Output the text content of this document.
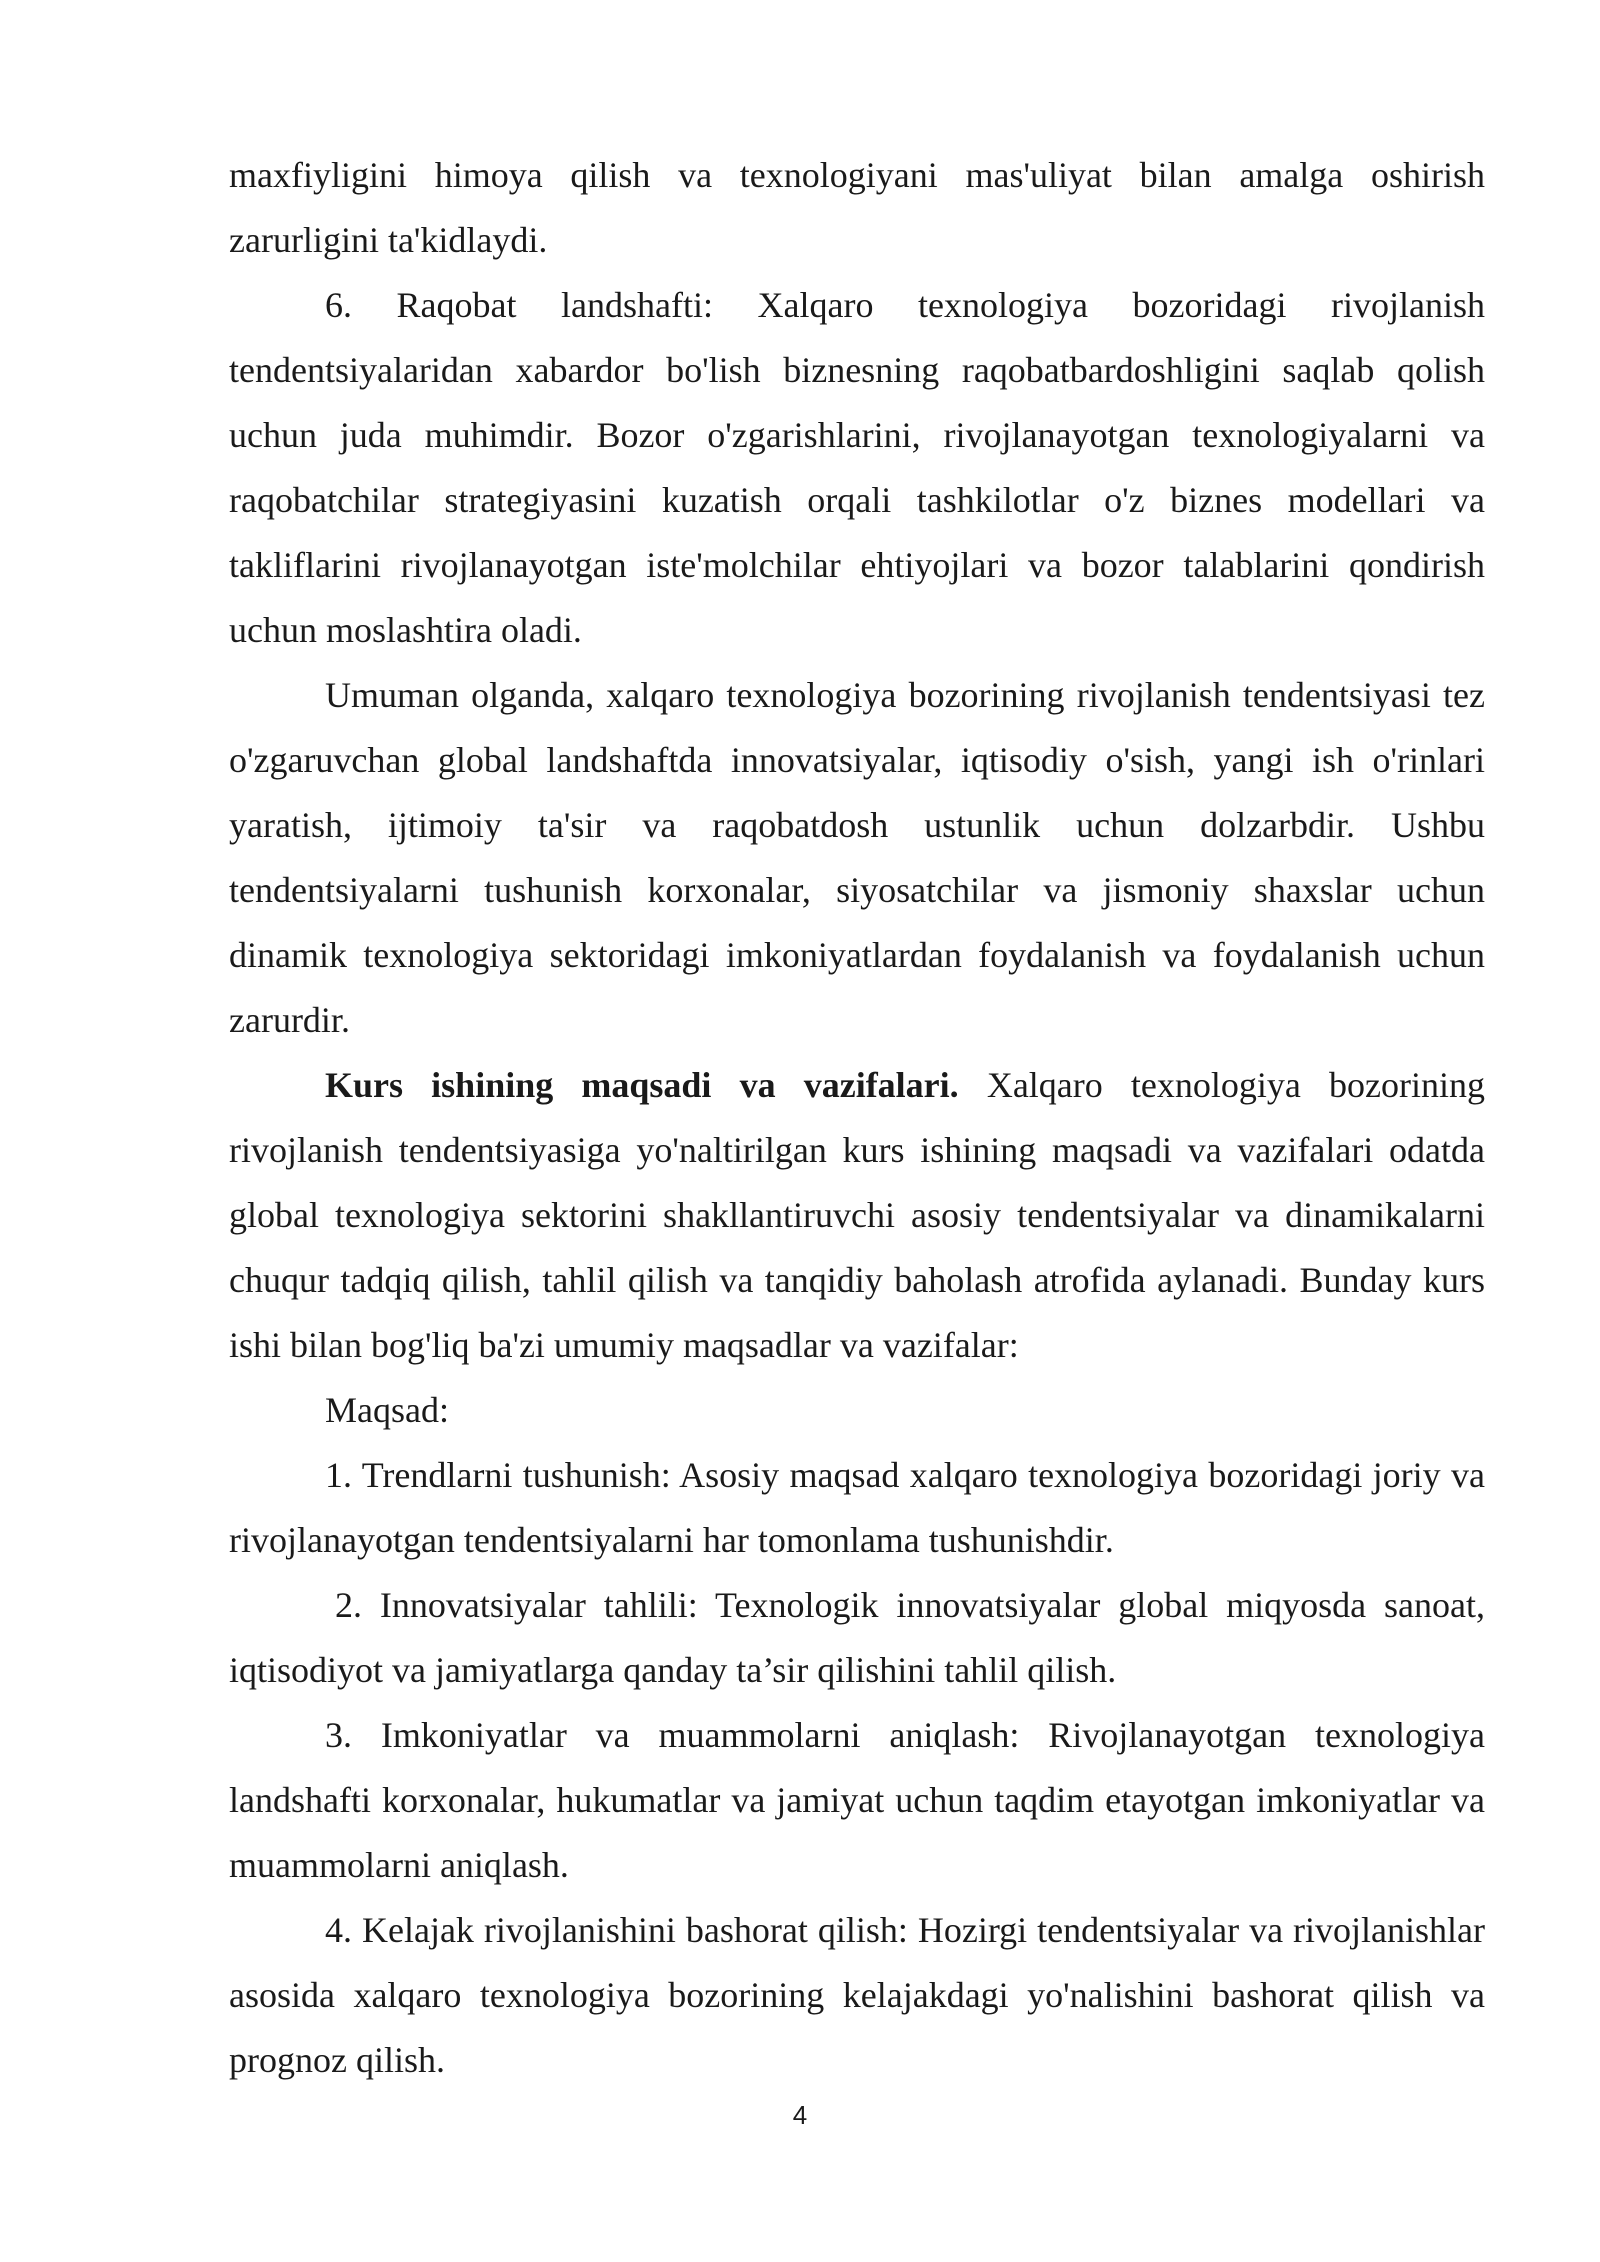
maxfiyligini himoya qilish va texnologiyani mas'uliyat bilan amalga oshirish zarurligini ta'kidlaydi.

6. Raqobat landshafti: Xalqaro texnologiya bozoridagi rivojlanish tendentsiyalaridan xabardor bo'lish biznesning raqobatbardoshligini saqlab qolish uchun juda muhimdir. Bozor o'zgarishlarini, rivojlanayotgan texnologiyalarni va raqobatchilar strategiyasini kuzatish orqali tashkilotlar o'z biznes modellari va takliflarini rivojlanayotgan iste'molchilar ehtiyojlari va bozor talablarini qondirish uchun moslashtira oladi.

Umuman olganda, xalqaro texnologiya bozorining rivojlanish tendentsiyasi tez o'zgaruvchan global landshaftda innovatsiyalar, iqtisodiy o'sish, yangi ish o'rinlari yaratish, ijtimoiy ta'sir va raqobatdosh ustunlik uchun dolzarbdir. Ushbu tendentsiyalarni tushunish korxonalar, siyosatchilar va jismoniy shaxslar uchun dinamik texnologiya sektoridagi imkoniyatlardan foydalanish va foydalanish uchun zarurdir.

Kurs ishining maqsadi va vazifalari. Xalqaro texnologiya bozorining rivojlanish tendentsiyasiga yo'naltirilgan kurs ishining maqsadi va vazifalari odatda global texnologiya sektorini shakllantiruvchi asosiy tendentsiyalar va dinamikalarni chuqur tadqiq qilish, tahlil qilish va tanqidiy baholash atrofida aylanadi. Bunday kurs ishi bilan bog'liq ba'zi umumiy maqsadlar va vazifalar:

Maqsad:

1. Trendlarni tushunish: Asosiy maqsad xalqaro texnologiya bozoridagi joriy va rivojlanayotgan tendentsiyalarni har tomonlama tushunishdir.

2. Innovatsiyalar tahlili: Texnologik innovatsiyalar global miqyosda sanoat, iqtisodiyot va jamiyatlarga qanday ta’sir qilishini tahlil qilish.

3. Imkoniyatlar va muammolarni aniqlash: Rivojlanayotgan texnologiya landshafti korxonalar, hukumatlar va jamiyat uchun taqdim etayotgan imkoniyatlar va muammolarni aniqlash.

4. Kelajak rivojlanishini bashorat qilish: Hozirgi tendentsiyalar va rivojlanishlar asosida xalqaro texnologiya bozorining kelajakdagi yo'nalishini bashorat qilish va prognoz qilish.

4
